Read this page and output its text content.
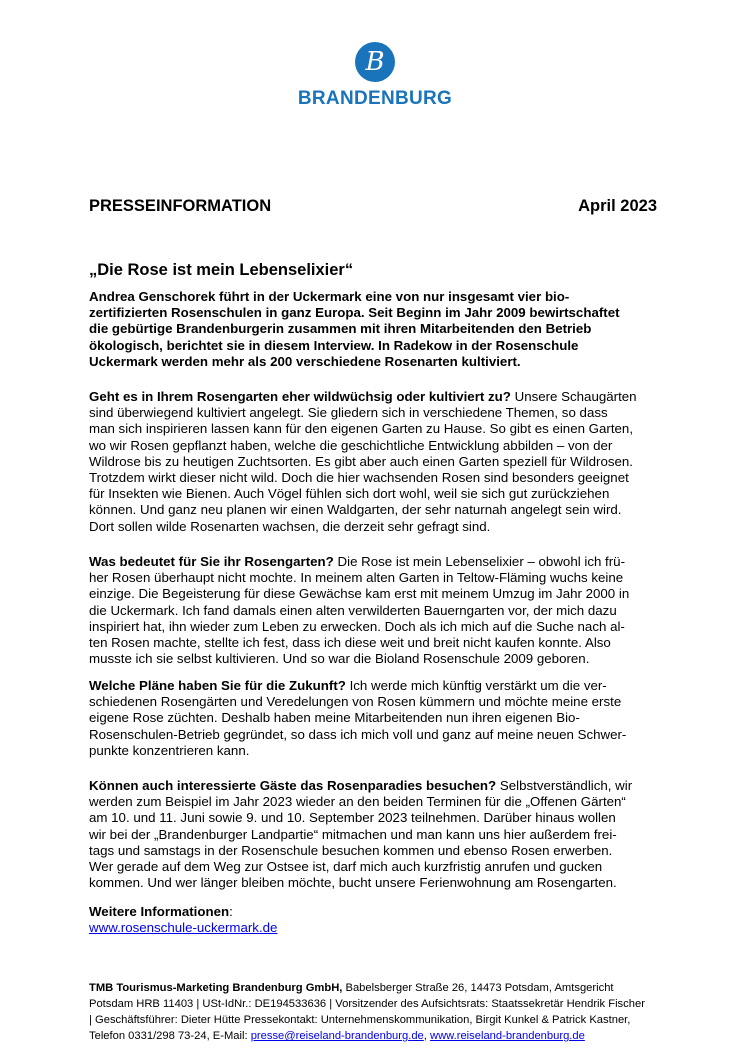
B
BRANDENBURG
PRESSEINFORMATION	April 2023
„Die Rose ist mein Lebenselixier“
Andrea Genschorek führt in der Uckermark eine von nur insgesamt vier bio-
zertifizierten Rosenschulen in ganz Europa. Seit Beginn im Jahr 2009 bewirtschaftet
die gebürtige Brandenburgerin zusammen mit ihren Mitarbeitenden den Betrieb
ökologisch, berichtet sie in diesem Interview. In Radekow in der Rosenschule
Uckermark werden mehr als 200 verschiedene Rosenarten kultiviert.
Geht es in Ihrem Rosengarten eher wildwüchsig oder kultiviert zu? Unsere Schaugärten
sind überwiegend kultiviert angelegt. Sie gliedern sich in verschiedene Themen, so dass
man sich inspirieren lassen kann für den eigenen Garten zu Hause. So gibt es einen Garten,
wo wir Rosen gepflanzt haben, welche die geschichtliche Entwicklung abbilden – von der
Wildrose bis zu heutigen Zuchtsorten. Es gibt aber auch einen Garten speziell für Wildrosen.
Trotzdem wirkt dieser nicht wild. Doch die hier wachsenden Rosen sind besonders geeignet
für Insekten wie Bienen. Auch Vögel fühlen sich dort wohl, weil sie sich gut zurückziehen
können. Und ganz neu planen wir einen Waldgarten, der sehr naturnah angelegt sein wird.
Dort sollen wilde Rosenarten wachsen, die derzeit sehr gefragt sind.
Was bedeutet für Sie ihr Rosengarten? Die Rose ist mein Lebenselixier – obwohl ich frü-
her Rosen überhaupt nicht mochte. In meinem alten Garten in Teltow-Fläming wuchs keine
einzige. Die Begeisterung für diese Gewächse kam erst mit meinem Umzug im Jahr 2000 in
die Uckermark. Ich fand damals einen alten verwilderten Bauerngarten vor, der mich dazu
inspiriert hat, ihn wieder zum Leben zu erwecken. Doch als ich mich auf die Suche nach al-
ten Rosen machte, stellte ich fest, dass ich diese weit und breit nicht kaufen konnte. Also
musste ich sie selbst kultivieren. Und so war die Bioland Rosenschule 2009 geboren.
Welche Pläne haben Sie für die Zukunft? Ich werde mich künftig verstärkt um die ver-
schiedenen Rosengärten und Veredelungen von Rosen kümmern und möchte meine erste
eigene Rose züchten. Deshalb haben meine Mitarbeitenden nun ihren eigenen Bio-
Rosenschulen-Betrieb gegründet, so dass ich mich voll und ganz auf meine neuen Schwer-
punkte konzentrieren kann.
Können auch interessierte Gäste das Rosenparadies besuchen? Selbstverständlich, wir
werden zum Beispiel im Jahr 2023 wieder an den beiden Terminen für die „Offenen Gärten“
am 10. und 11. Juni sowie 9. und 10. September 2023 teilnehmen. Darüber hinaus wollen
wir bei der „Brandenburger Landpartie“ mitmachen und man kann uns hier außerdem frei-
tags und samstags in der Rosenschule besuchen kommen und ebenso Rosen erwerben.
Wer gerade auf dem Weg zur Ostsee ist, darf mich auch kurzfristig anrufen und gucken
kommen. Und wer länger bleiben möchte, bucht unsere Ferienwohnung am Rosengarten.
Weitere Informationen:
www.rosenschule-uckermark.de
TMB Tourismus-Marketing Brandenburg GmbH, Babelsberger Straße 26, 14473 Potsdam, Amtsgericht
Potsdam HRB 11403 | USt-IdNr.: DE194533636 | Vorsitzender des Aufsichtsrats: Staatssekretär Hendrik Fischer
| Geschäftsführer: Dieter Hütte Pressekontakt: Unternehmenskommunikation, Birgit Kunkel & Patrick Kastner,
Telefon 0331/298 73-24, E-Mail: presse@reiseland-brandenburg.de, www.reiseland-brandenburg.de
